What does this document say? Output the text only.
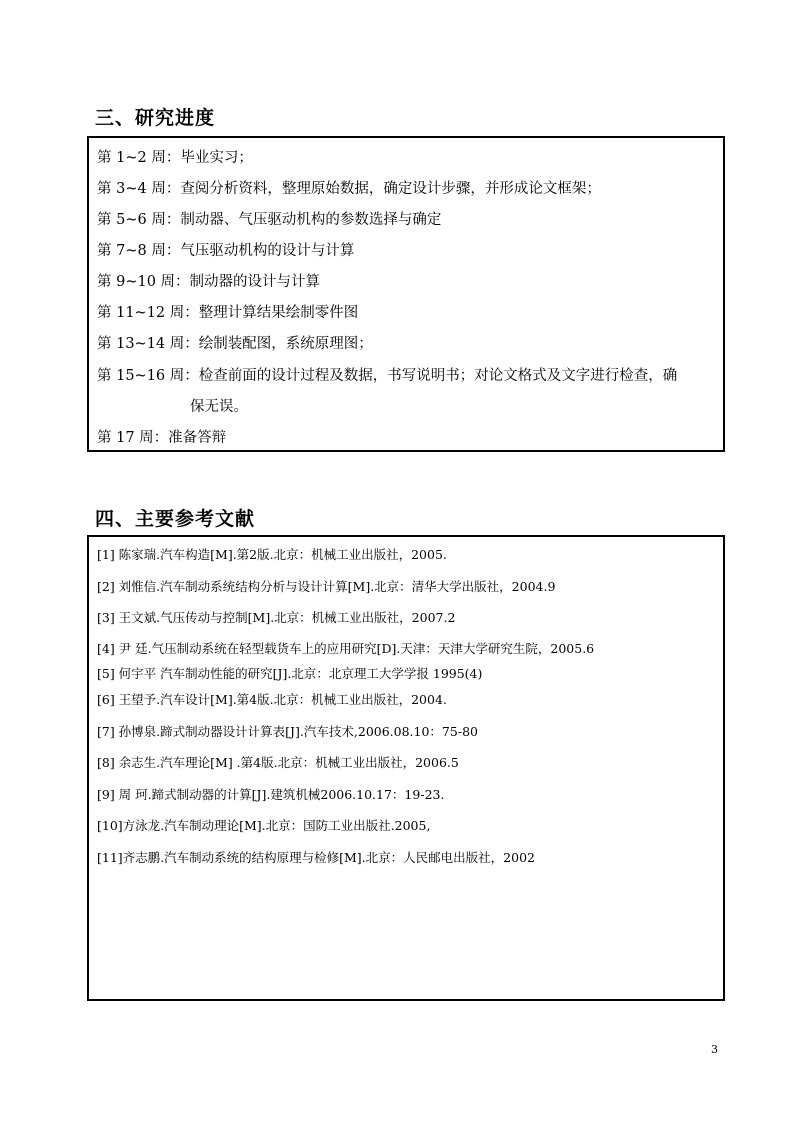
三、研究进度
第 1~2 周：毕业实习；
第 3~4 周：查阅分析资料，整理原始数据，确定设计步骤，并形成论文框架；
第 5~6 周：制动器、气压驱动机构的参数选择与确定
第 7~8 周：气压驱动机构的设计与计算
第 9~10 周：制动器的设计与计算
第 11~12 周：整理计算结果绘制零件图
第 13~14 周：绘制装配图，系统原理图；
第 15~16 周：检查前面的设计过程及数据，书写说明书；对论文格式及文字进行检查，确
保无误。
第 17 周：准备答辩
四、主要参考文献
[1] 陈家瑞.汽车构造[M].第2版.北京：机械工业出版社，2005.
[2] 刘惟信.汽车制动系统结构分析与设计计算[M].北京：清华大学出版社，2004.9
[3] 王文斌.气压传动与控制[M].北京：机械工业出版社，2007.2
[4] 尹 廷.气压制动系统在轻型载货车上的应用研究[D].天津：天津大学研究生院，2005.6
[5] 何宇平 汽车制动性能的研究[J].北京：北京理工大学学报 1995(4)
[6] 王望予.汽车设计[M].第4版.北京：机械工业出版社，2004.
[7] 孙博泉.蹄式制动器设计计算表[J].汽车技术,2006.08.10：75-80
[8] 余志生.汽车理论[M] .第4版.北京：机械工业出版社，2006.5
[9] 周 珂.蹄式制动器的计算[J].建筑机械2006.10.17：19-23.
[10]方泳龙.汽车制动理论[M].北京：国防工业出版社.2005,
[11]齐志鹏.汽车制动系统的结构原理与检修[M].北京：人民邮电出版社，2002
3
